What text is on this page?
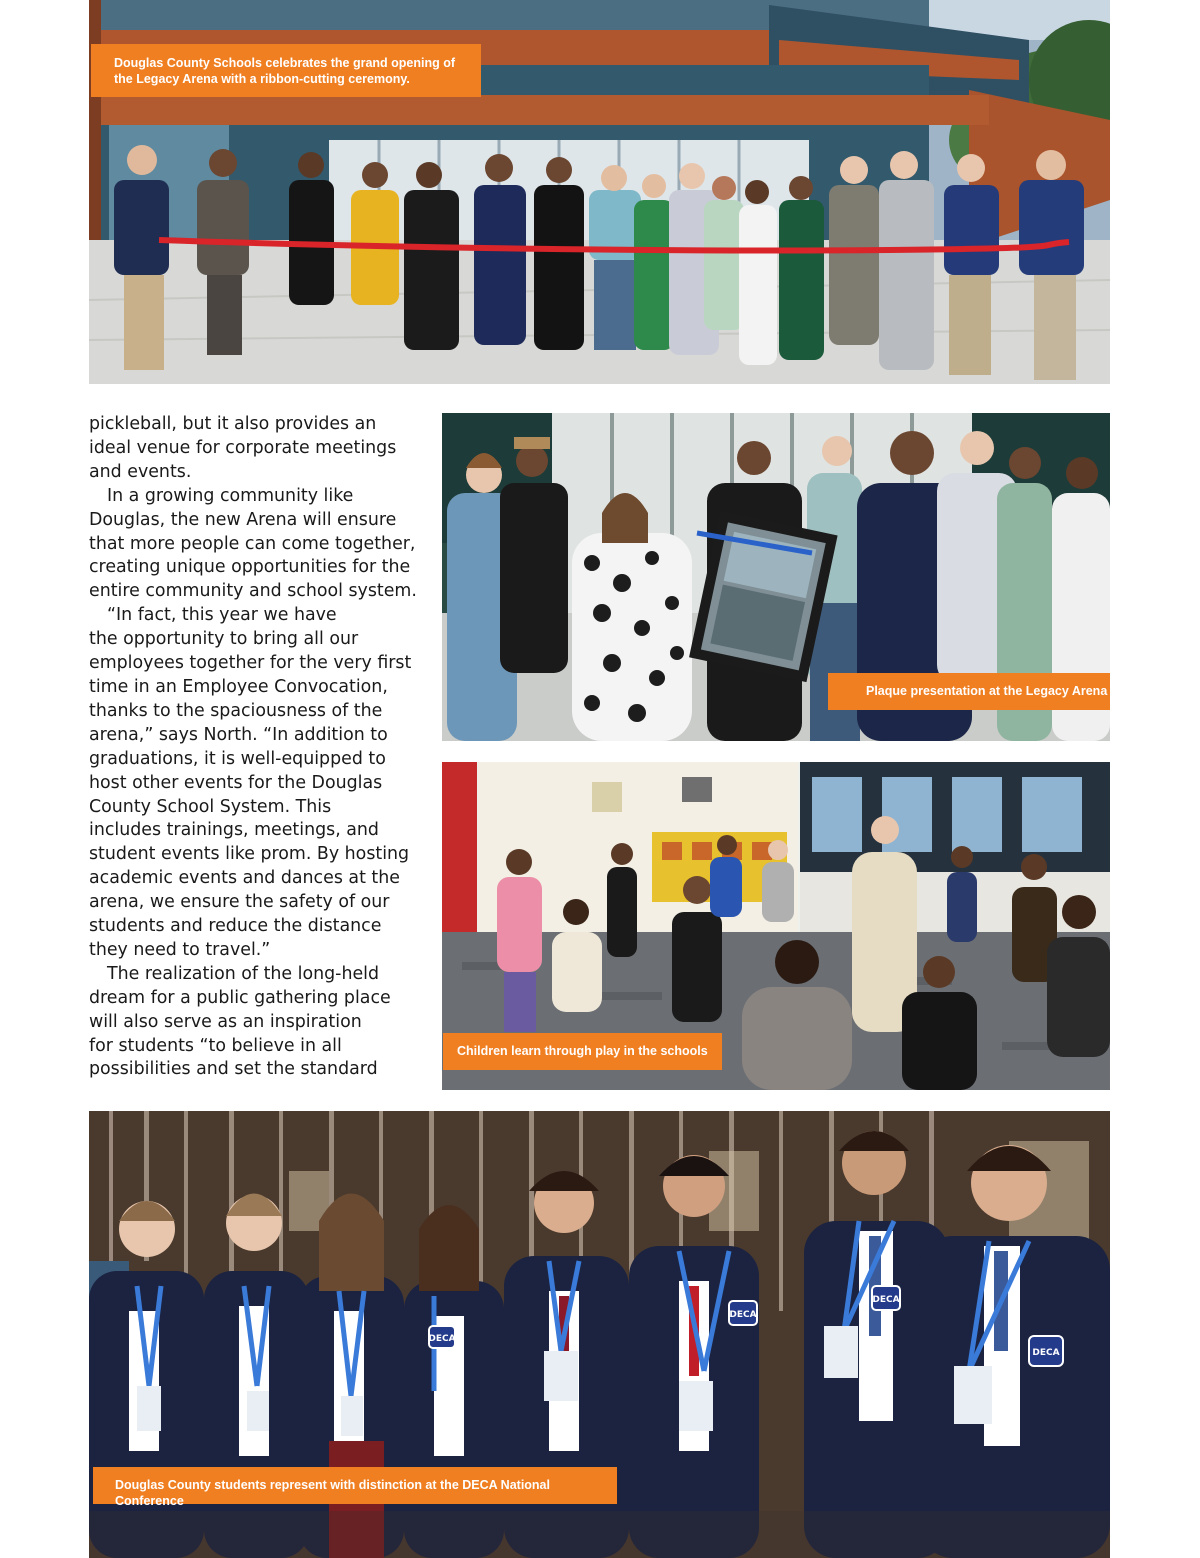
Douglas County Schools celebrates the grand opening of
the Legacy Arena with a ribbon-cutting ceremony.
pickleball, but it also provides an
ideal venue for corporate meetings
and events.
In a growing community like
Douglas, the new Arena will ensure
that more people can come together,
creating unique opportunities for the
entire community and school system.
“In fact, this year we have
the opportunity to bring all our
employees together for the very first
time in an Employee Convocation,
thanks to the spaciousness of the
arena,” says North. “In addition to
graduations, it is well-equipped to
host other events for the Douglas
County School System. This
includes trainings, meetings, and
student events like prom. By hosting
academic events and dances at the
arena, we ensure the safety of our
students and reduce the distance
they need to travel.”
The realization of the long-held
dream for a public gathering place
will also serve as an inspiration
for students “to believe in all
possibilities and set the standard
Plaque presentation at the Legacy Arena
Children learn through play in the schools
DECA
DECA
DECA
DECA
Douglas County students represent with distinction at the DECA National Conference
